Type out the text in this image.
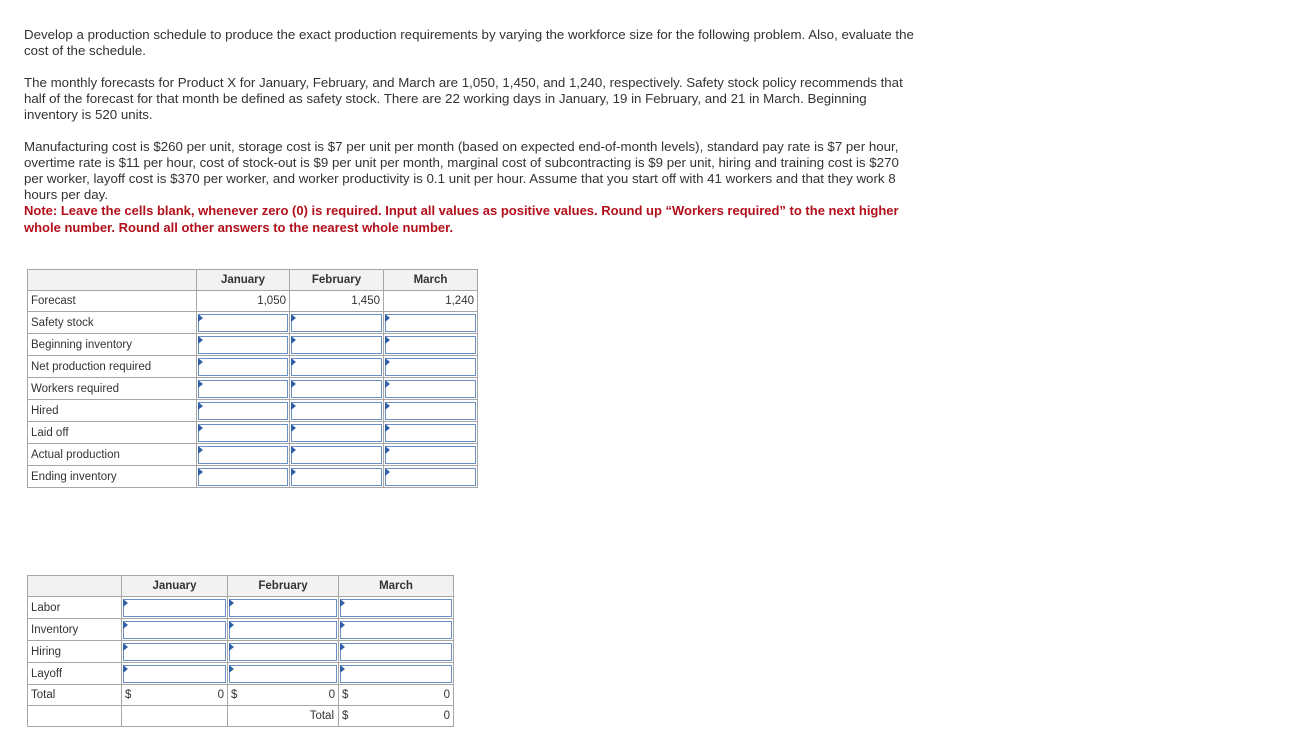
Develop a production schedule to produce the exact production requirements by varying the workforce size for the following problem. Also, evaluate the cost of the schedule.

The monthly forecasts for Product X for January, February, and March are 1,050, 1,450, and 1,240, respectively. Safety stock policy recommends that half of the forecast for that month be defined as safety stock. There are 22 working days in January, 19 in February, and 21 in March. Beginning inventory is 520 units.

Manufacturing cost is $260 per unit, storage cost is $7 per unit per month (based on expected end-of-month levels), standard pay rate is $7 per hour, overtime rate is $11 per hour, cost of stock-out is $9 per unit per month, marginal cost of subcontracting is $9 per unit, hiring and training cost is $270 per worker, layoff cost is $370 per worker, and worker productivity is 0.1 unit per hour. Assume that you start off with 41 workers and that they work 8 hours per day.

Note: Leave the cells blank, whenever zero (0) is required. Input all values as positive values. Round up “Workers required” to the next higher whole number. Round all other answers to the nearest whole number.
	January	February	March
Forecast	1,050	1,450	1,240
Safety stock	

Beginning inventory	

Net production required	

Workers required	

Hired	

Laid off	

Actual production	

Ending inventory	

	January	February	March
Labor	

Inventory	

Hiring	

Layoff	

Total	$ 0	$ 0	$ 0

		Total	$ 0
